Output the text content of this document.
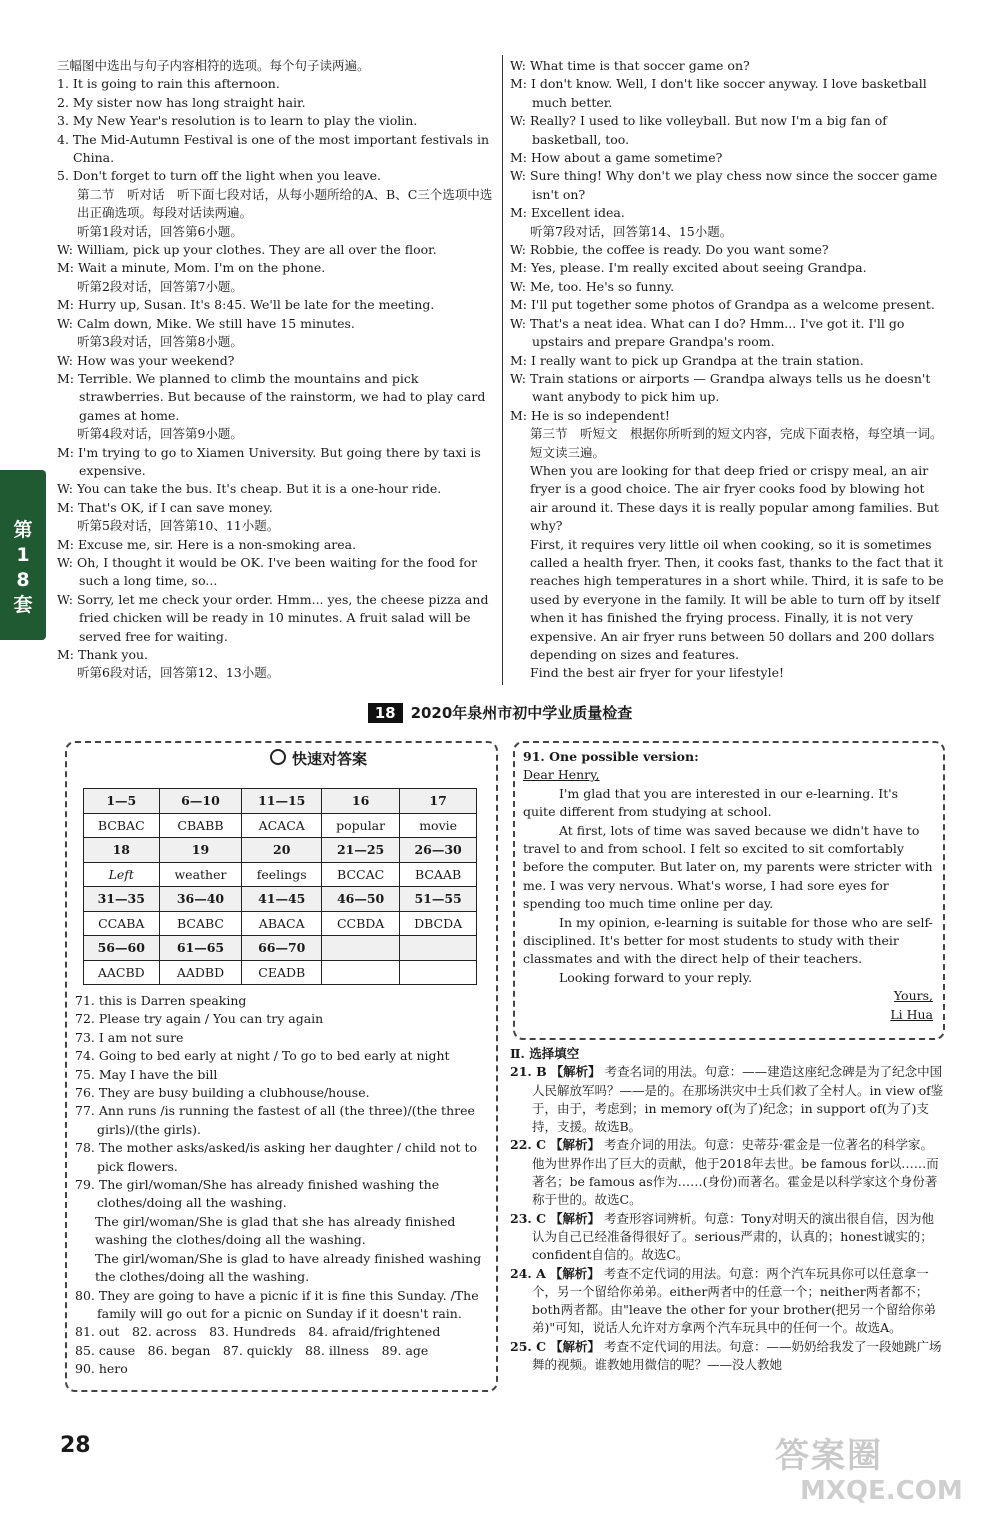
三幅图中选出与句子内容相符的选项。每个句子读两遍。

1. It is going to rain this afternoon.

2. My sister now has long straight hair.

3. My New Year's resolution is to learn to play the violin.

4. The Mid-Autumn Festival is one of the most important festivals in China.

5. Don't forget to turn off the light when you leave.

第二节　听对话　听下面七段对话，从每小题所给的A、B、C三个选项中选出正确选项。每段对话读两遍。

听第1段对话，回答第6小题。

W: William, pick up your clothes. They are all over the floor.

M: Wait a minute, Mom. I'm on the phone.

听第2段对话，回答第7小题。

M: Hurry up, Susan. It's 8:45. We'll be late for the meeting.

W: Calm down, Mike. We still have 15 minutes.

听第3段对话，回答第8小题。

W: How was your weekend?

M: Terrible. We planned to climb the mountains and pick strawberries. But because of the rainstorm, we had to play card games at home.

听第4段对话，回答第9小题。

M: I'm trying to go to Xiamen University. But going there by taxi is expensive.

W: You can take the bus. It's cheap. But it is a one-hour ride.

M: That's OK, if I can save money.

听第5段对话，回答第10、11小题。

M: Excuse me, sir. Here is a non-smoking area.

W: Oh, I thought it would be OK. I've been waiting for the food for such a long time, so...

W: Sorry, let me check your order. Hmm... yes, the cheese pizza and fried chicken will be ready in 10 minutes. A fruit salad will be served free for waiting.

M: Thank you.

听第6段对话，回答第12、13小题。

W: What time is that soccer game on?

M: I don't know. Well, I don't like soccer anyway. I love basketball much better.

W: Really? I used to like volleyball. But now I'm a big fan of basketball, too.

M: How about a game sometime?

W: Sure thing! Why don't we play chess now since the soccer game isn't on?

M: Excellent idea.

听第7段对话，回答第14、15小题。

W: Robbie, the coffee is ready. Do you want some?

M: Yes, please. I'm really excited about seeing Grandpa.

W: Me, too. He's so funny.

M: I'll put together some photos of Grandpa as a welcome present.

W: That's a neat idea. What can I do? Hmm... I've got it. I'll go upstairs and prepare Grandpa's room.

M: I really want to pick up Grandpa at the train station.

W: Train stations or airports — Grandpa always tells us he doesn't want anybody to pick him up.

M: He is so independent!

第三节　听短文　根据你所听到的短文内容，完成下面表格，每空填一词。短文读三遍。

When you are looking for that deep fried or crispy meal, an air fryer is a good choice. The air fryer cooks food by blowing hot air around it. These days it is really popular among families. But why?

First, it requires very little oil when cooking, so it is sometimes called a health fryer. Then, it cooks fast, thanks to the fact that it reaches high temperatures in a short while. Third, it is safe to be used by everyone in the family. It will be able to turn off by itself when it has finished the frying process. Finally, it is not very expensive. An air fryer runs between 50 dollars and 200 dollars depending on sizes and features.

Find the best air fryer for your lifestyle!

第18套
18 2020年泉州市初中学业质量检查
快速对答案
1—5	6—10	11—15	16	17
BCBAC	CBABB	ACACA	popular	movie
18	19	20	21—25	26—30
Left	weather	feelings	BCCAC	BCAAB
31—35	36—40	41—45	46—50	51—55
CCABA	BCABC	ABACA	CCBDA	DBCDA
56—60	61—65	66—70		
AACBD	AADBD	CEADB		

71. this is Darren speaking

72. Please try again / You can try again

73. I am not sure

74. Going to bed early at night / To go to bed early at night

75. May I have the bill

76. They are busy building a clubhouse/house.

77. Ann runs /is running the fastest of all (the three)/(the three girls)/(the girls).

78. The mother asks/asked/is asking her daughter / child not to pick flowers.

79. The girl/woman/She has already finished washing the clothes/doing all the washing.

The girl/woman/She is glad that she has already finished washing the clothes/doing all the washing.

The girl/woman/She is glad to have already finished washing the clothes/doing all the washing.

80. They are going to have a picnic if it is fine this Sunday. /The family will go out for a picnic on Sunday if it doesn't rain.

81. out　82. across　83. Hundreds　84. afraid/frightened

85. cause　86. began　87. quickly　88. illness　89. age

90. hero

91. One possible version:

Dear Henry,

I'm glad that you are interested in our e-learning. It's quite different from studying at school.

At first, lots of time was saved because we didn't have to travel to and from school. I felt so excited to sit comfortably before the computer. But later on, my parents were stricter with me. I was very nervous. What's worse, I had sore eyes for spending too much time online per day.

In my opinion, e-learning is suitable for those who are self-disciplined. It's better for most students to study with their classmates and with the direct help of their teachers.

Looking forward to your reply.

Yours,

Li Hua

Ⅱ. 选择填空

21. B 【解析】 考查名词的用法。句意：——建造这座纪念碑是为了纪念中国人民解放军吗？——是的。在那场洪灾中士兵们救了全村人。in view of鉴于，由于，考虑到；in memory of(为了)纪念；in support of(为了)支持，支援。故选B。

22. C 【解析】 考查介词的用法。句意：史蒂芬·霍金是一位著名的科学家。他为世界作出了巨大的贡献，他于2018年去世。be famous for以……而著名；be famous as作为……(身份)而著名。霍金是以科学家这个身份著称于世的。故选C。

23. C 【解析】 考查形容词辨析。句意：Tony对明天的演出很自信，因为他认为自己已经准备得很好了。serious严肃的，认真的；honest诚实的；confident自信的。故选C。

24. A 【解析】 考查不定代词的用法。句意：两个汽车玩具你可以任意拿一个，另一个留给你弟弟。either两者中的任意一个；neither两者都不；both两者都。由"leave the other for your brother(把另一个留给你弟弟)"可知，说话人允许对方拿两个汽车玩具中的任何一个。故选A。

25. C 【解析】 考查不定代词的用法。句意：——奶奶给我发了一段她跳广场舞的视频。谁教她用微信的呢？——没人教她

28	答案圈
MXQE.COM
